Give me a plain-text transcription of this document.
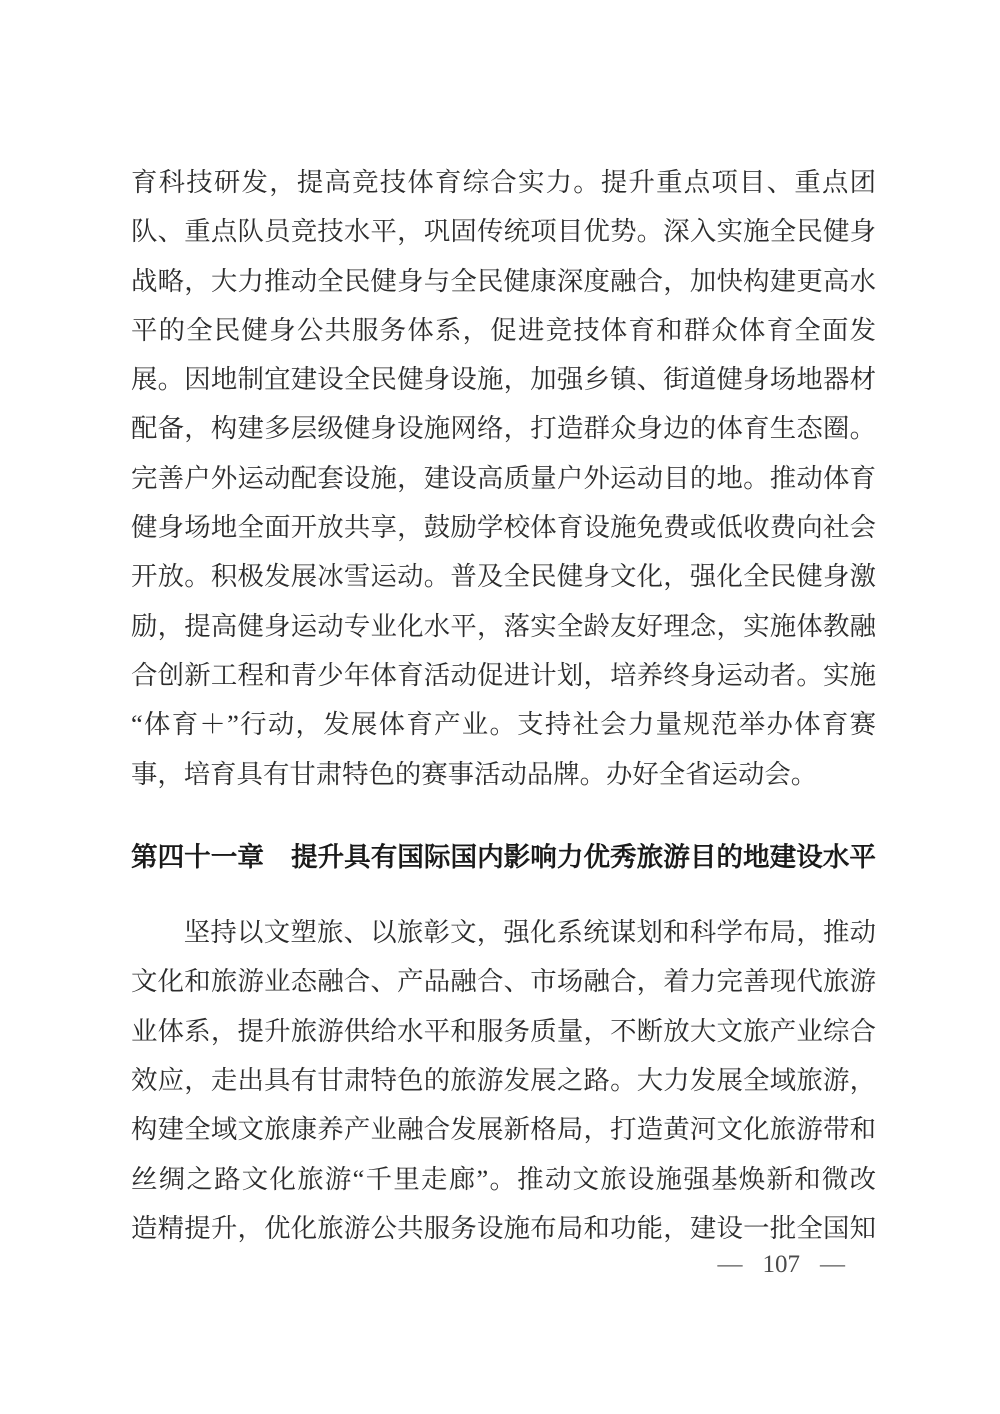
育科技研发，提高竞技体育综合实力。提升重点项目、重点团
队、重点队员竞技水平，巩固传统项目优势。深入实施全民健身
战略，大力推动全民健身与全民健康深度融合，加快构建更高水
平的全民健身公共服务体系，促进竞技体育和群众体育全面发
展。因地制宜建设全民健身设施，加强乡镇、街道健身场地器材
配备，构建多层级健身设施网络，打造群众身边的体育生态圈。
完善户外运动配套设施，建设高质量户外运动目的地。推动体育
健身场地全面开放共享，鼓励学校体育设施免费或低收费向社会
开放。积极发展冰雪运动。普及全民健身文化，强化全民健身激
励，提高健身运动专业化水平，落实全龄友好理念，实施体教融
合创新工程和青少年体育活动促进计划，培养终身运动者。实施
“体育＋”行动，发展体育产业。支持社会力量规范举办体育赛
事，培育具有甘肃特色的赛事活动品牌。办好全省运动会。
第四十一章 提升具有国际国内影响力优秀旅游目的地建设水平
坚持以文塑旅、以旅彰文，强化系统谋划和科学布局，推动
文化和旅游业态融合、产品融合、市场融合，着力完善现代旅游
业体系，提升旅游供给水平和服务质量，不断放大文旅产业综合
效应，走出具有甘肃特色的旅游发展之路。大力发展全域旅游，
构建全域文旅康养产业融合发展新格局，打造黄河文化旅游带和
丝绸之路文化旅游“千里走廊”。推动文旅设施强基焕新和微改
造精提升，优化旅游公共服务设施布局和功能，建设一批全国知
— 107 —
